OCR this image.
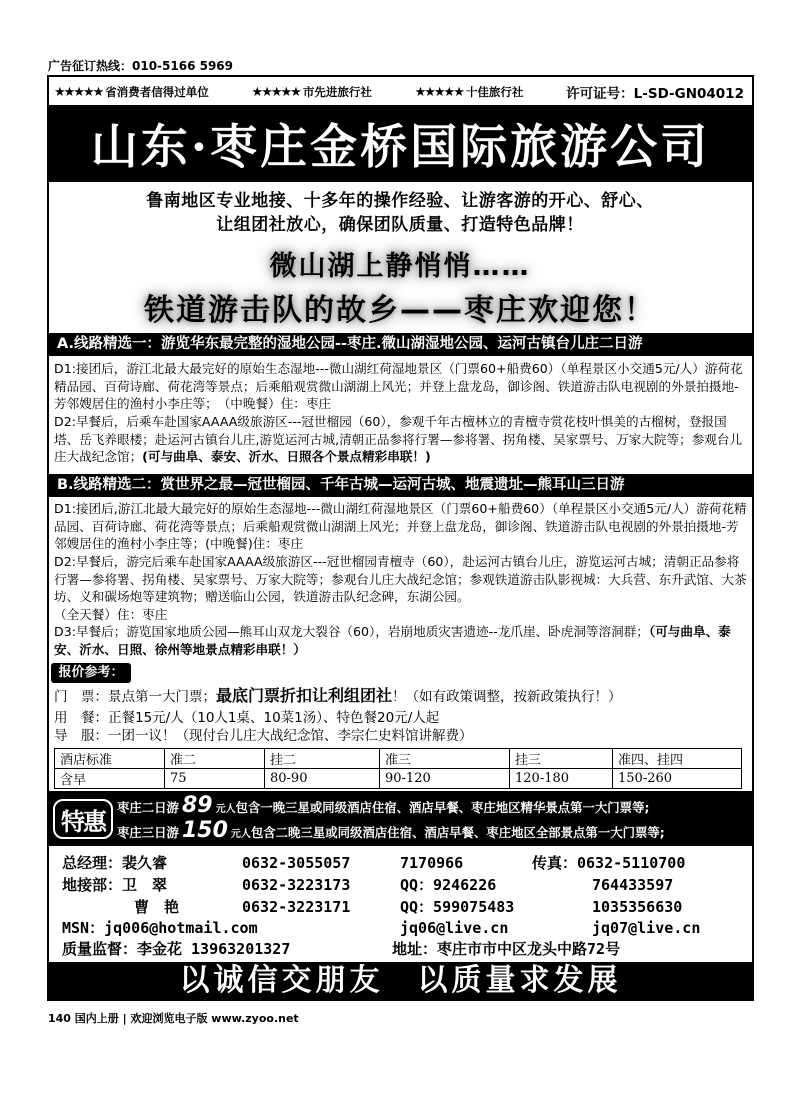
广告征订热线：010-5166 5969
★★★★★ 省消费者信得过单位	★★★★★ 市先进旅行社	★★★★★ 十佳旅行社	许可证号：L-SD-GN04012
山东·枣庄金桥国际旅游公司
鲁南地区专业地接、十多年的操作经验、让游客游的开心、舒心、
让组团社放心，确保团队质量、打造特色品牌！
微山湖上静悄悄……
铁道游击队的故乡——枣庄欢迎您！
A.线路精选一：游览华东最完整的湿地公园--枣庄.微山湖湿地公园、运河古镇台儿庄二日游
D1:接团后，游江北最大最完好的原始生态湿地---微山湖红荷湿地景区（门票60+船费60）（单程景区小交通5元/人）游荷花精品园、百荷诗廊、荷花湾等景点；后乘船观赏微山湖湖上风光；并登上盘龙岛，御诊阁、铁道游击队电视剧的外景拍摄地-芳邻嫂居住的渔村小李庄等；　（中晚餐）住：枣庄
D2:早餐后，后乘车赴国家AAAA级旅游区---冠世榴园（60），参观千年古檀林立的青檀寺赏花枝叶惧美的古榴树，登报国塔、岳飞养眼楼；赴运河古镇台儿庄,游览运河古城,清朝正品参将行署—参将署、拐角楼、吴家票号、万家大院等；参观台儿庄大战纪念馆；(可与曲阜、泰安、沂水、日照各个景点精彩串联！)
B.线路精选二：赏世界之最—冠世榴园、千年古城—运河古城、地震遗址—熊耳山三日游
D1:接团后,游江北最大最完好的原始生态湿地---微山湖红荷湿地景区（门票60+船费60）（单程景区小交通5元/人）游荷花精品园、百荷诗廊、荷花湾等景点；后乘船观赏微山湖湖上风光；并登上盘龙岛，御诊阁、铁道游击队电视剧的外景拍摄地-芳邻嫂居住的渔村小李庄等；(中晚餐)住：枣庄
D2:早餐后，游完后乘车赴国家AAAA级旅游区---冠世榴园青檀寺（60），赴运河古镇台儿庄，游览运河古城；清朝正品参将行署—参将署、拐角楼、吴家票号、万家大院等；参观台儿庄大战纪念馆；参观铁道游击队影视城：大兵营、东升武馆、大茶坊、义和碳场炮等建筑物；赠送临山公园，铁道游击队纪念碑，东湖公园。　　　　　　　　　　　　　　　　　　　　　　　（全天餐）住：枣庄
D3:早餐后；游览国家地质公园—熊耳山双龙大裂谷（60），岩崩地质灾害遗迹--龙爪崖、卧虎洞等溶洞群；（可与曲阜、泰安、沂水、日照、徐州等地景点精彩串联！）
报价参考：
门　票：景点第一大门票；最底门票折扣让利组团社！（如有政策调整，按新政策执行！）
用　餐：正餐15元/人（10人1桌、10菜1汤）、特色餐20元/人起
导　服：一团一议！（现付台儿庄大战纪念馆、李宗仁史料馆讲解费）
酒店标准	准二	挂二	准三	挂三	准四、挂四
含早	75	80-90	90-120	120-180	150-260
特惠 枣庄二日游 89 元人包含一晚三星或同级酒店住宿、酒店早餐、枣庄地区精华景点第一大门票等;
枣庄三日游 150 元人包含二晚三星或同级酒店住宿、酒店早餐、枣庄地区全部景点第一大门票等;
总经理：裴久睿	0632-3055057	7170966	传真：0632-5110700
地接部：卫　翠	0632-3223173	QQ：9246226	764433597
曹　艳	0632-3223171	QQ：599075483	1035356630
MSN：jq006@hotmail.com	jq06@live.cn	jq07@live.cn
质量监督：李金花 13963201327	地址：枣庄市市中区龙头中路72号
以诚信交朋友　以质量求发展
140 国内上册 | 欢迎浏览电子版 www.zyoo.net
